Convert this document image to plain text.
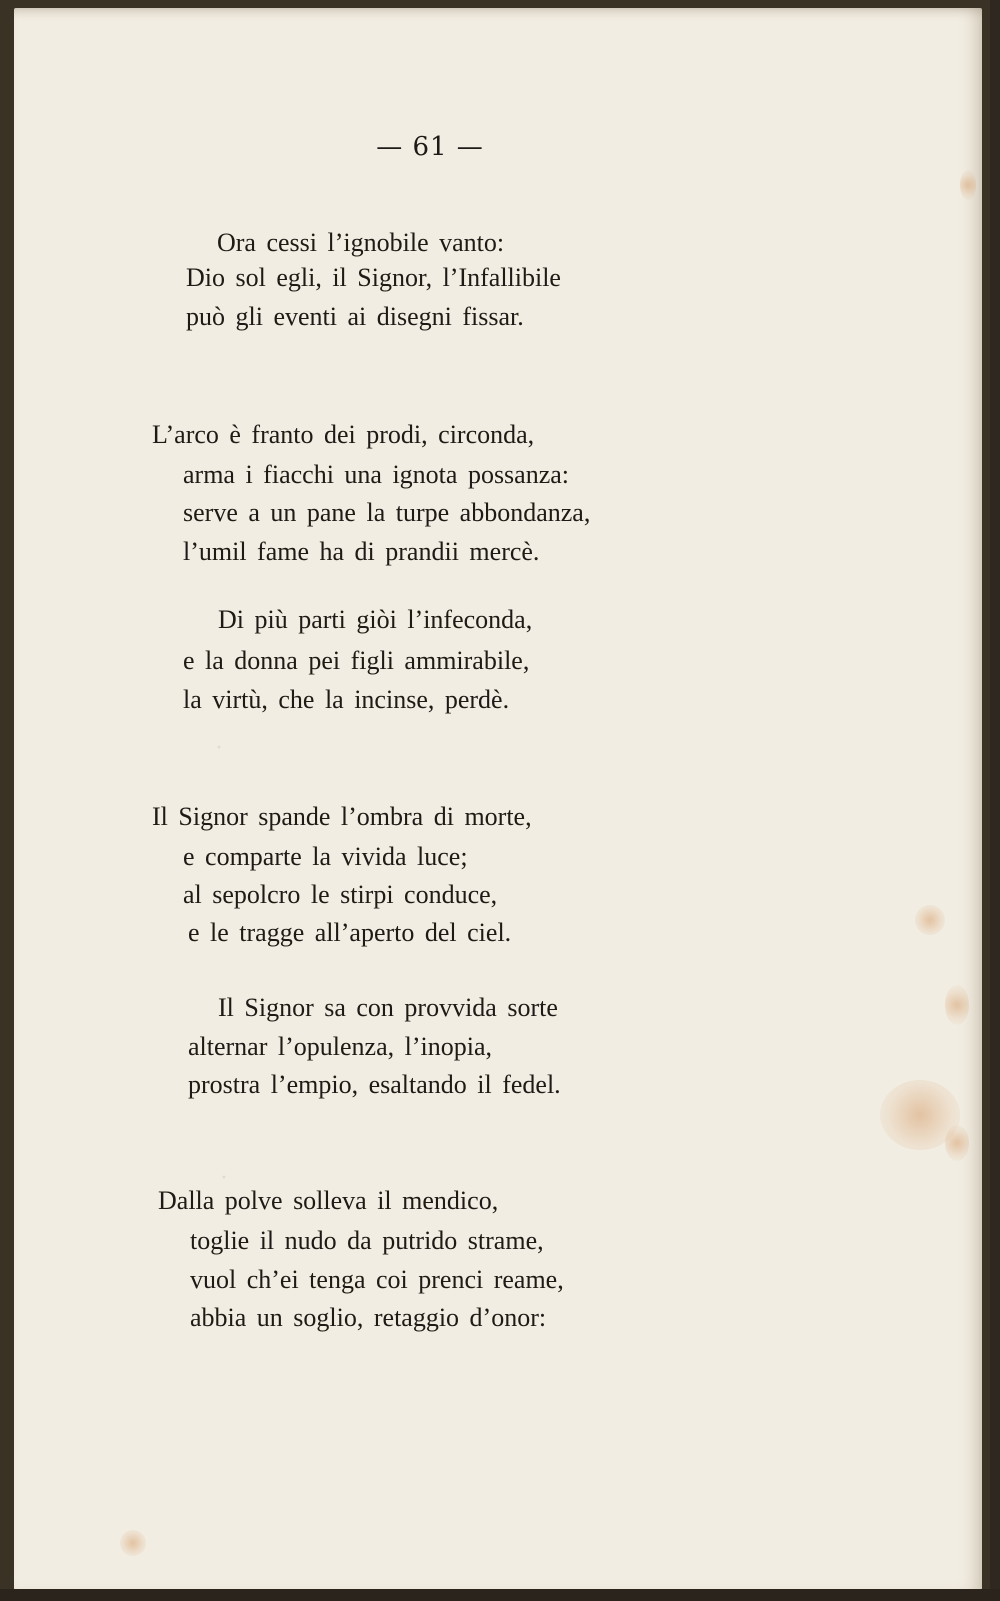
·
·
— 61 —
Ora cessi l’ignobile vanto:
Dio sol egli, il Signor, l’Infallibile
può gli eventi ai disegni fissar.
L’arco è franto dei prodi, circonda,
arma i fiacchi una ignota possanza:
serve a un pane la turpe abbondanza,
l’umil fame ha di prandii mercè.
Di più parti giòi l’infeconda,
e la donna pei figli ammirabile,
la virtù, che la incinse, perdè.
Il Signor spande l’ombra di morte,
e comparte la vivida luce;
al sepolcro le stirpi conduce,
e le tragge all’aperto del ciel.
Il Signor sa con provvida sorte
alternar l’opulenza, l’inopia,
prostra l’empio, esaltando il fedel.
Dalla polve solleva il mendico,
toglie il nudo da putrido strame,
vuol ch’ei tenga coi prenci reame,
abbia un soglio, retaggio d’onor:
